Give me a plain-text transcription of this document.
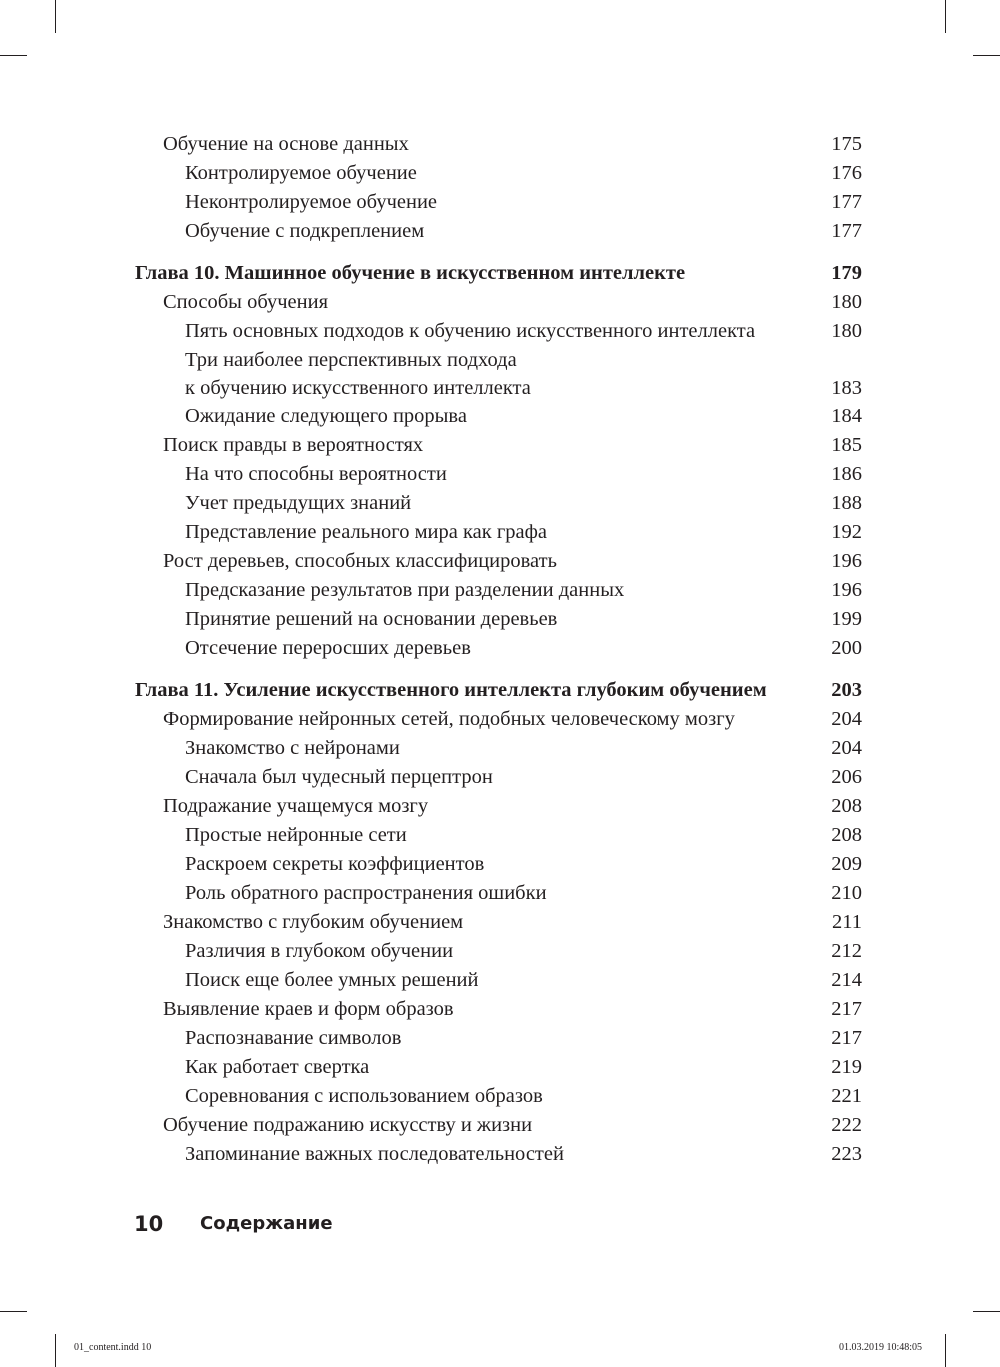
Обучение на основе данных	175
Контролируемое обучение	176
Неконтролируемое обучение	177
Обучение с подкреплением	177
Глава 10. Машинное обучение в искусственном интеллекте	179
Способы обучения	180
Пять основных подходов к обучению искусственного интеллекта	180
Три наиболее перспективных подхода
к обучению искусственного интеллекта	183
Ожидание следующего прорыва	184
Поиск правды в вероятностях	185
На что способны вероятности	186
Учет предыдущих знаний	188
Представление реального мира как графа	192
Рост деревьев, способных классифицировать	196
Предсказание результатов при разделении данных	196
Принятие решений на основании деревьев	199
Отсечение переросших деревьев	200
Глава 11. Усиление искусственного интеллекта глубоким обучением	203
Формирование нейронных сетей, подобных человеческому мозгу	204
Знакомство с нейронами	204
Сначала был чудесный перцептрон	206
Подражание учащемуся мозгу	208
Простые нейронные сети	208
Раскроем секреты коэффициентов	209
Роль обратного распространения ошибки	210
Знакомство с глубоким обучением	211
Различия в глубоком обучении	212
Поиск еще более умных решений	214
Выявление краев и форм образов	217
Распознавание символов	217
Как работает свертка	219
Соревнования с использованием образов	221
Обучение подражанию искусству и жизни	222
Запоминание важных последовательностей	223
10 Содержание
01_content.indd 10	01.03.2019 10:48:05
